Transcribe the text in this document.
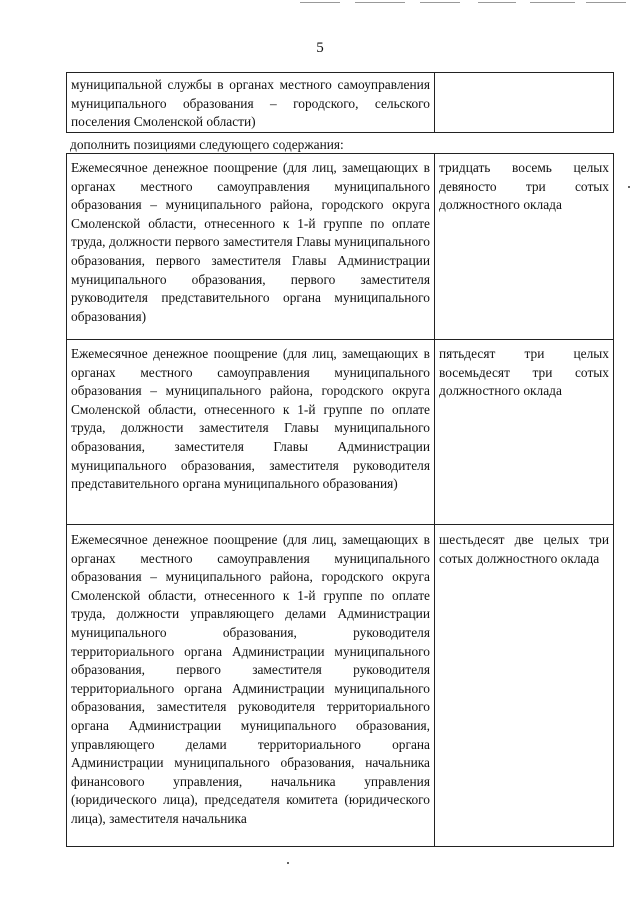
5
муниципальной службы в органах местного самоуправления муниципального образования – городского, сельского поселения Смоленской области)
дополнить позициями следующего содержания:
Ежемесячное денежное поощрение (для лиц, замещающих в органах местного самоуправления муниципального образования – муниципального района, городского округа Смоленской области, отнесенного к 1-й группе по оплате труда, должности первого заместителя Главы муниципального образования, первого заместителя Главы Администрации муниципального образования, первого заместителя руководителя представительного органа муниципального образования)
тридцать восемь целых девяносто три сотых должностного оклада
Ежемесячное денежное поощрение (для лиц, замещающих в органах местного самоуправления муниципального образования – муниципального района, городского округа Смоленской области, отнесенного к 1-й группе по оплате труда, должности заместителя Главы муниципального образования, заместителя Главы Администрации муниципального образования, заместителя руководителя представительного органа муниципального образования)
пятьдесят три целых восемьдесят три сотых должностного оклада
Ежемесячное денежное поощрение (для лиц, замещающих в органах местного самоуправления муниципального образования – муниципального района, городского округа Смоленской области, отнесенного к 1-й группе по оплате труда, должности управляющего делами Администрации муниципального образования, руководителя территориального органа Администрации муниципального образования, первого заместителя руководителя территориального органа Администрации муниципального образования, заместителя руководителя территориального органа Администрации муниципального образования, управляющего делами территориального органа Администрации муниципального образования, начальника финансового управления, начальника управления (юридического лица), председателя комитета (юридического лица), заместителя начальника
шестьдесят две целых три сотых должностного оклада
